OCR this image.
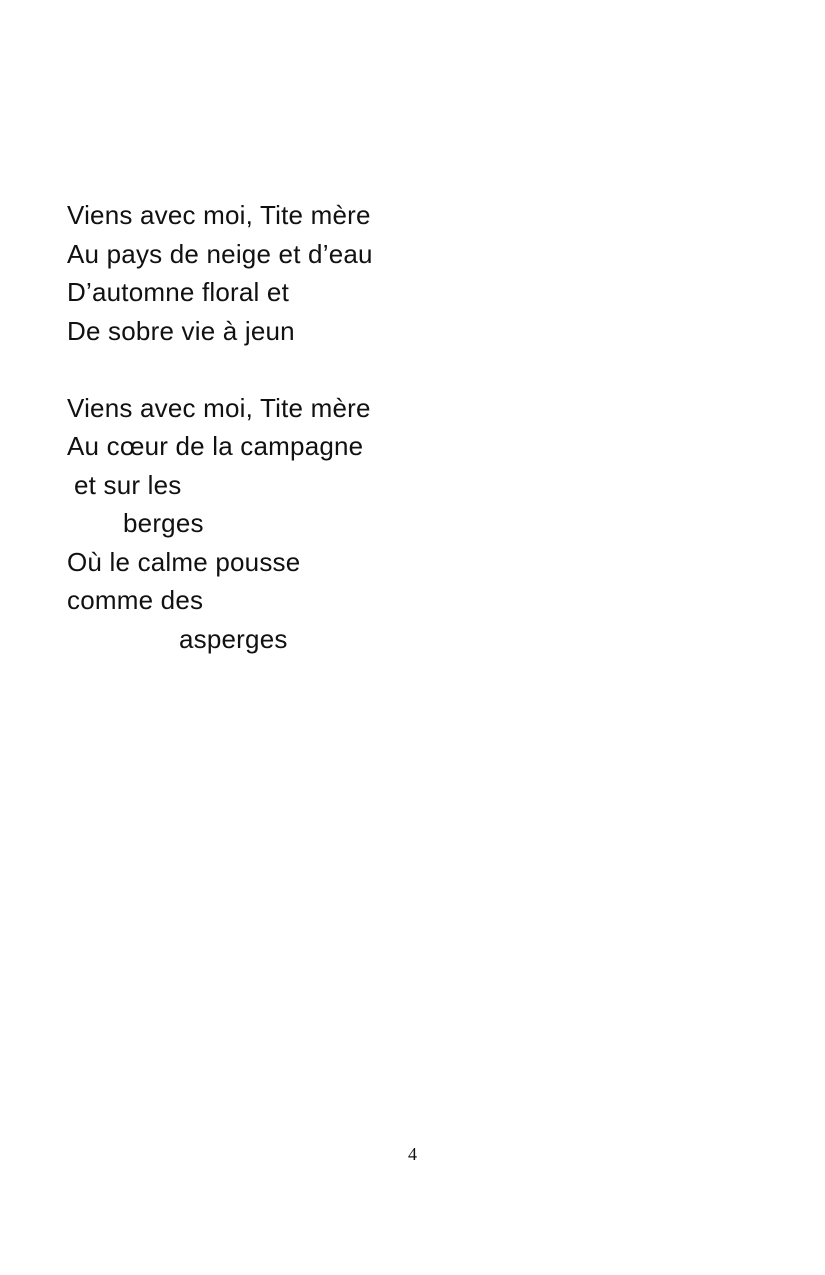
Viens avec moi, Tite mère
Au pays de neige et d’eau
D’automne floral et
De sobre vie à jeun
Viens avec moi, Tite mère
Au cœur de la campagne
et sur les
berges
Où le calme pousse
comme des
asperges
4
